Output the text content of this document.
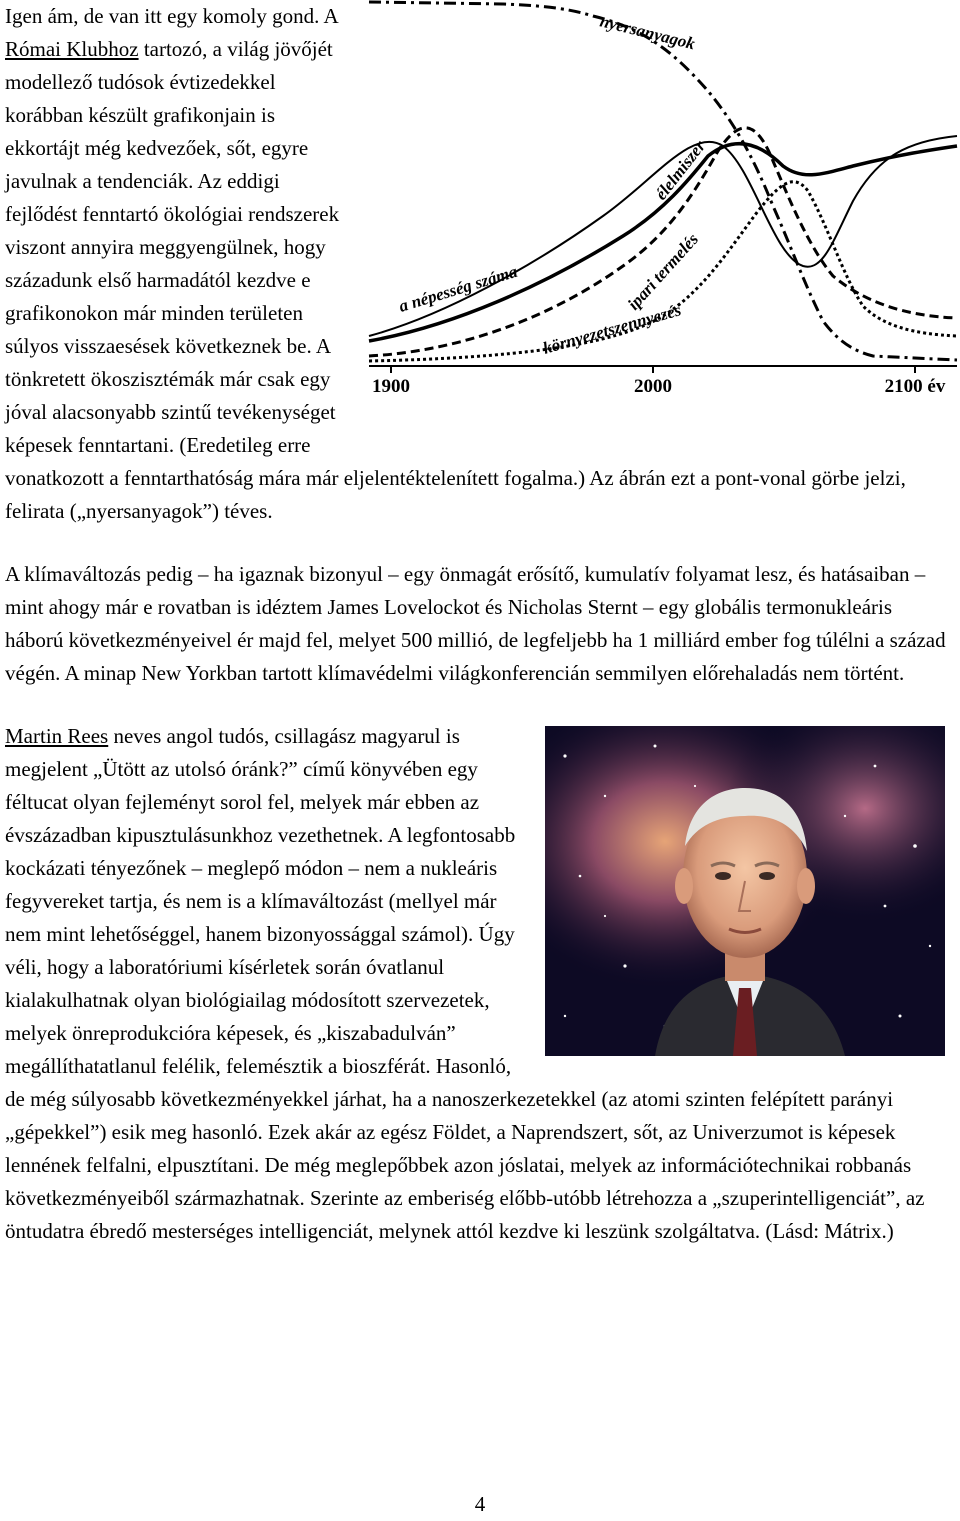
1900	2000	2100 év
nyersanyagok
élelmiszer
a népesség száma	ipari termelés
környezetszennyezés

Igen ám, de van itt egy komoly gond. A Római Klubhoz tartozó, a világ jövőjét modellező tudósok évtizedekkel korábban készült grafikonjain is ekkortájt még kedvezőek, sőt, egyre javulnak a tendenciák. Az eddigi fejlődést fenntartó ökológiai rendszerek viszont annyira meggyengülnek, hogy századunk első harmadától kezdve e grafikonokon már minden területen súlyos visszaesések következnek be. A tönkretett ökoszisztémák már csak egy jóval alacsonyabb szintű tevékenységet képesek fenntartani. (Eredetileg erre vonatkozott a fenntarthatóság mára már eljelentéktelenített fogalma.) Az ábrán ezt a pont-vonal görbe jelzi, felirata („nyersanyagok”) téves.

A klímaváltozás pedig – ha igaznak bizonyul – egy önmagát erősítő, kumulatív folyamat lesz, és hatásaiban – mint ahogy már e rovatban is idéztem James Lovelockot és Nicholas Sternt – egy globális termonukleáris háború következményeivel ér majd fel, melyet 500 millió, de legfeljebb ha 1 milliárd ember fog túlélni a század végén. A minap New Yorkban tartott klímavédelmi világkonferencián semmilyen előrehaladás nem történt.

Martin Rees neves angol tudós, csillagász magyarul is megjelent „Ütött az utolsó óránk?” című könyvében egy féltucat olyan fejleményt sorol fel, melyek már ebben az évszázadban kipusztulásunkhoz vezethetnek. A legfontosabb kockázati tényezőnek – meglepő módon – nem a nukleáris fegyvereket tartja, és nem is a klímaváltozást (mellyel már nem mint lehetőséggel, hanem bizonyossággal számol). Úgy véli, hogy a laboratóriumi kísérletek során óvatlanul kialakulhatnak olyan biológiailag módosított szervezetek, melyek önreprodukcióra képesek, és „kiszabadulván” megállíthatatlanul felélik, felemésztik a bioszférát. Hasonló, de még súlyosabb következményekkel járhat, ha a nanoszerkezetekkel (az atomi szinten felépített parányi „gépekkel”) esik meg hasonló. Ezek akár az egész Földet, a Naprendszert, sőt, az Univerzumot is képesek lennének felfalni, elpusztítani. De még meglepőbbek azon jóslatai, melyek az információtechnikai robbanás következményeiből származhatnak. Szerinte az emberiség előbb-utóbb létrehozza a „szuperintelligenciát”, az öntudatra ébredő mesterséges intelligenciát, melynek attól kezdve ki leszünk szolgáltatva. (Lásd: Mátrix.)

4
